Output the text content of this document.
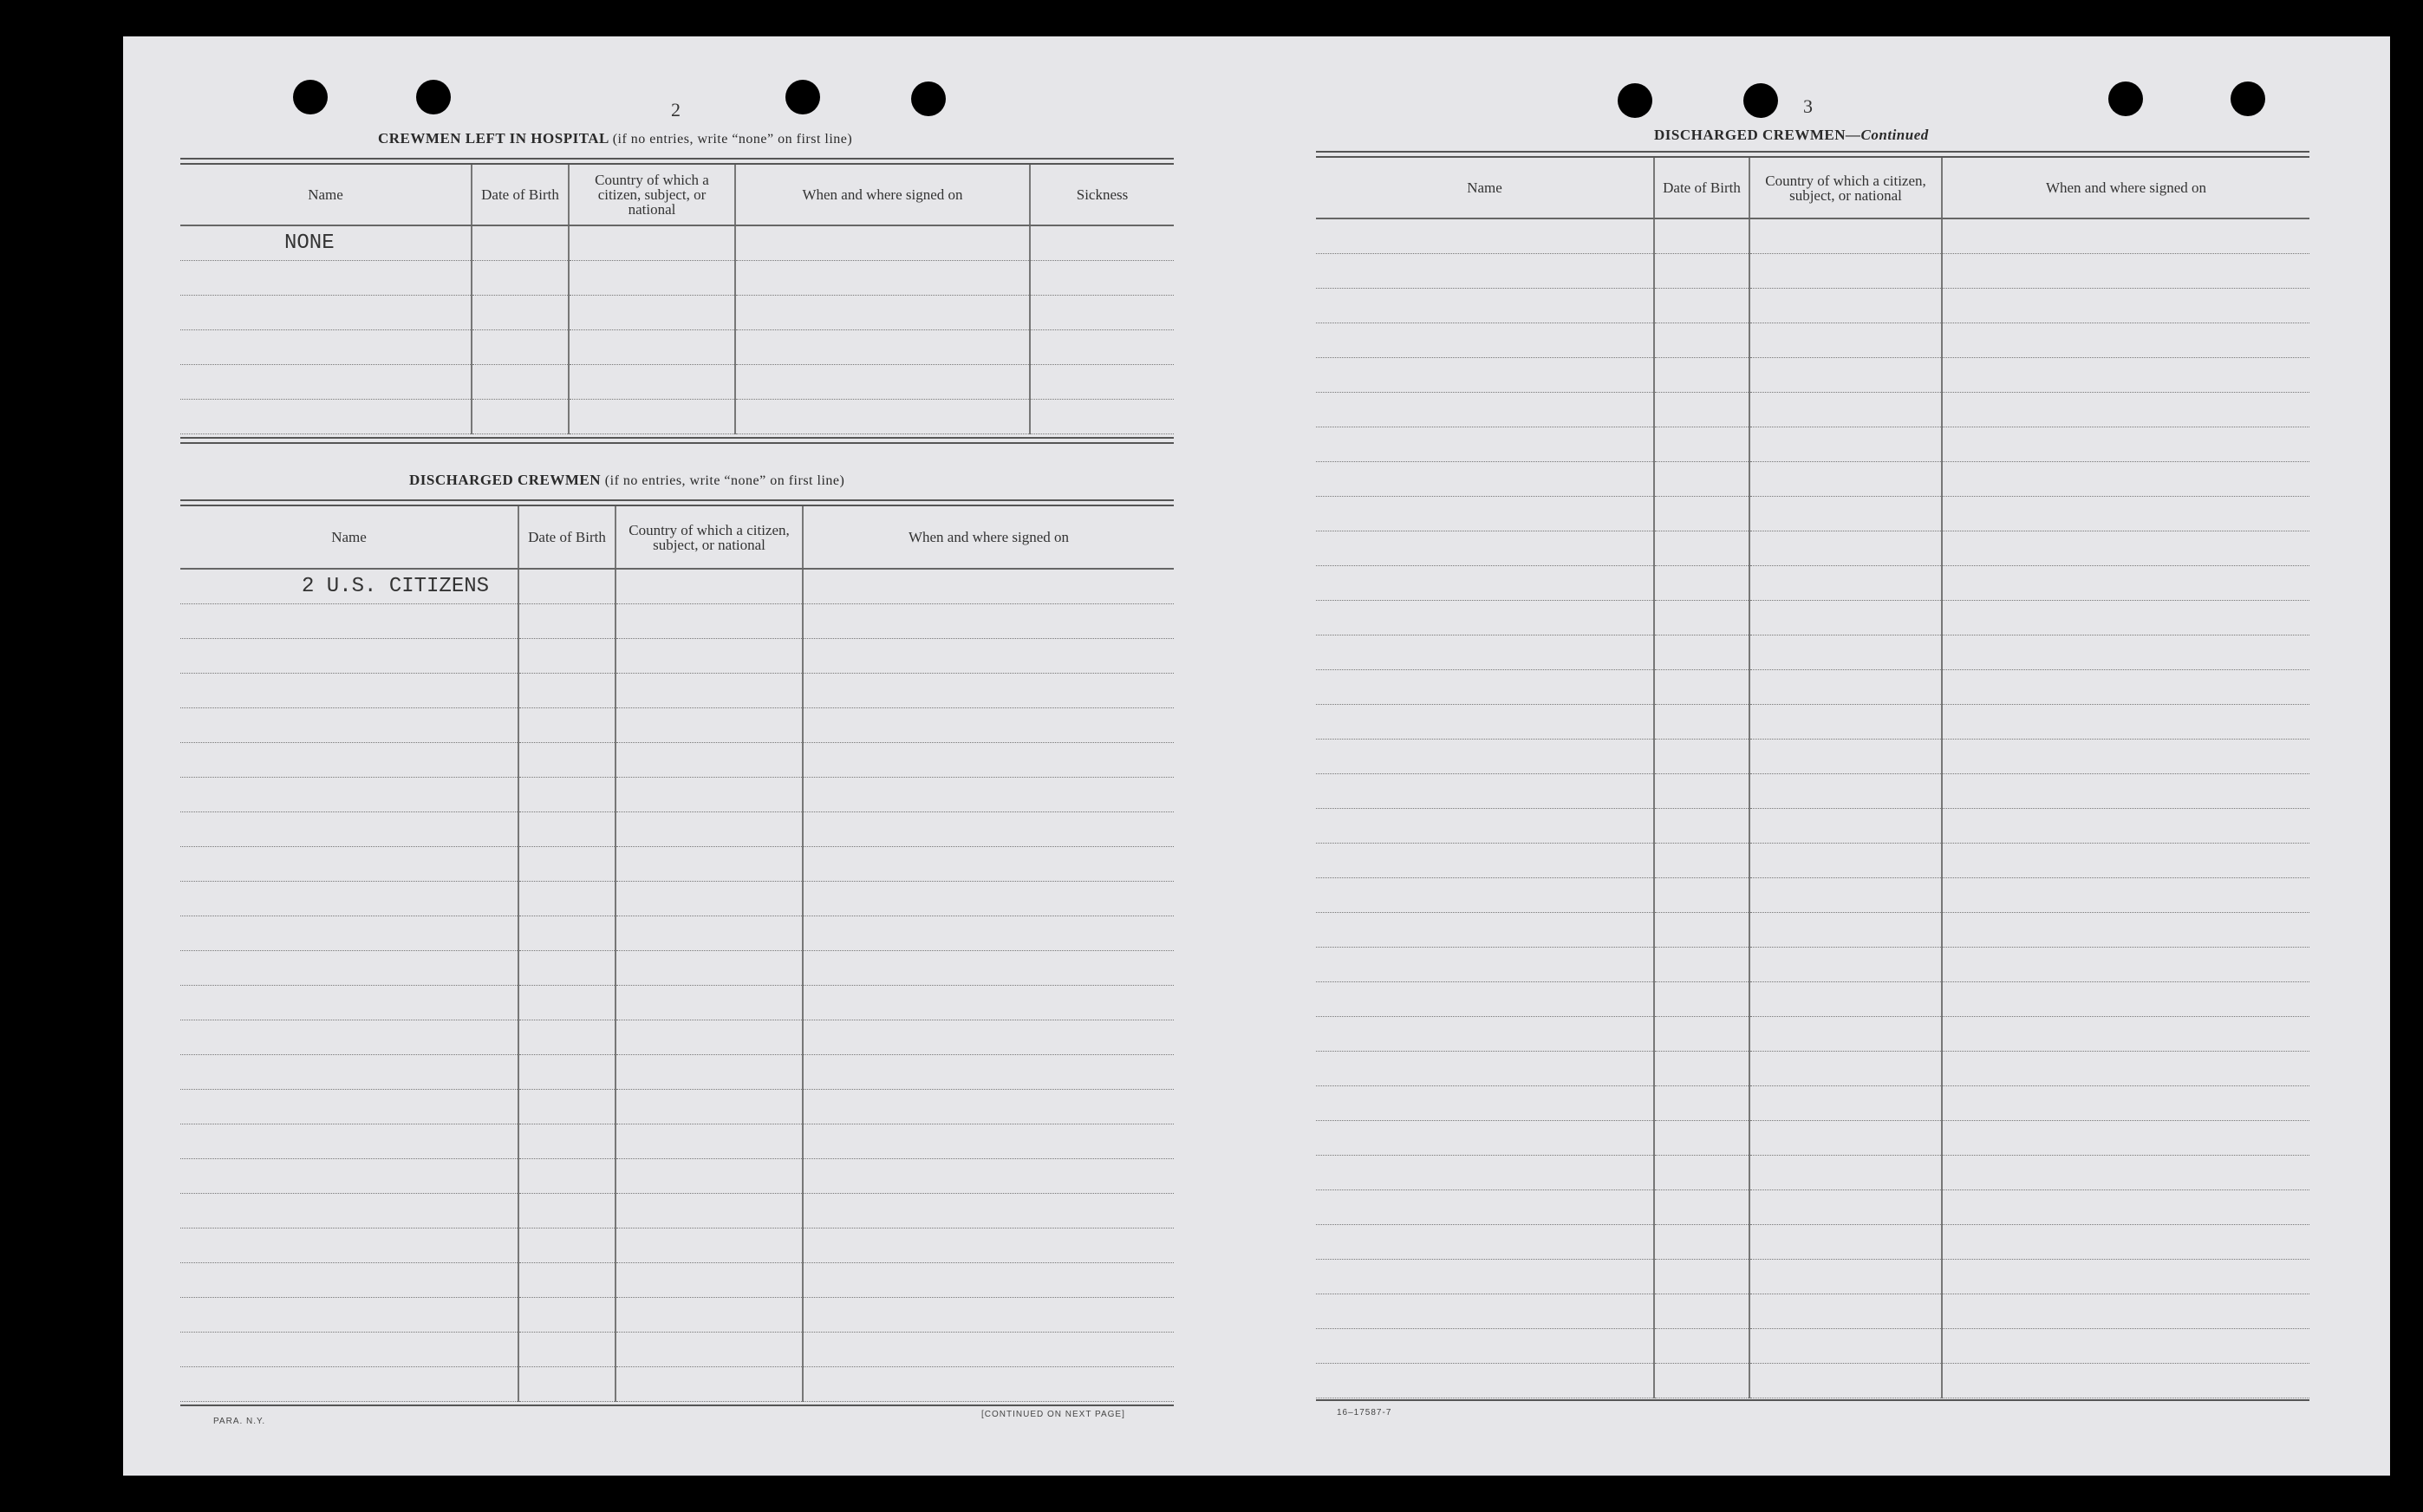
2
CREWMEN LEFT IN HOSPITAL (if no entries, write “none” on first line)
Name	Date of Birth	Country of which a citizen, subject, or national	When and where signed on	Sickness
NONE				

DISCHARGED CREWMEN (if no entries, write “none” on first line)
Name	Date of Birth	Country of which a citizen, subject, or national	When and where signed on
2 U.S. CITIZENS			

PARA. N.Y.
[CONTINUED ON NEXT PAGE]
3
DISCHARGED CREWMEN—Continued
Name	Date of Birth	Country of which a citizen, subject, or national	When and where signed on

16–17587-7
